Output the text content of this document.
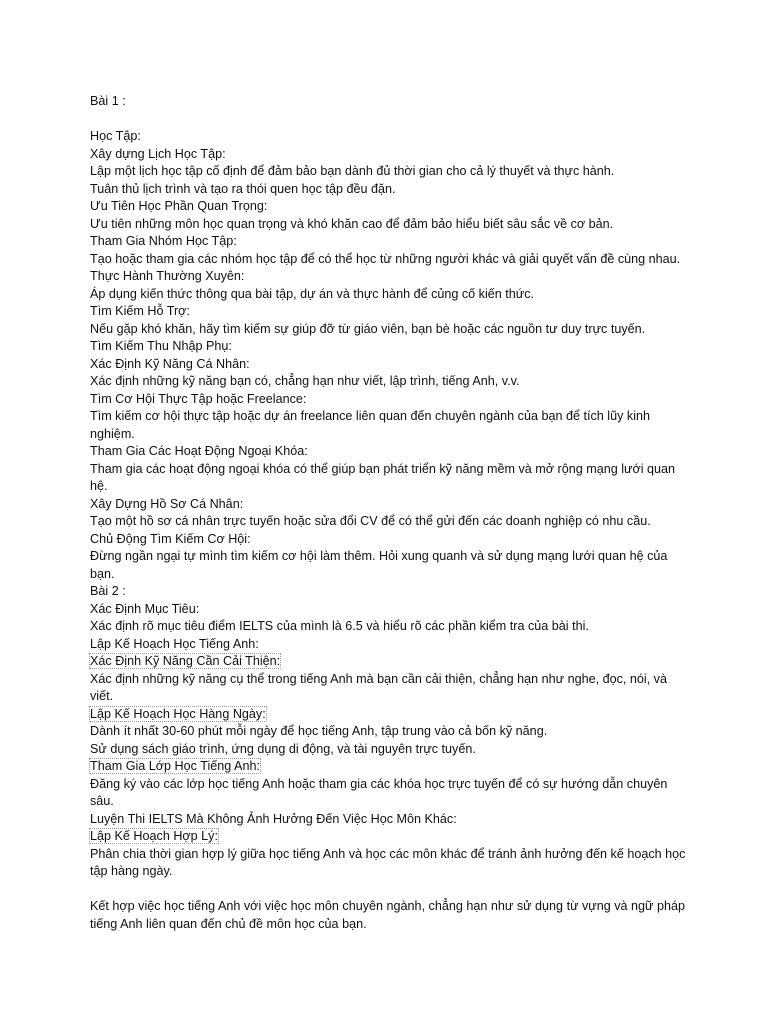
Bài 1 :
Học Tập:
Xây dựng Lịch Học Tập:
Lập một lịch học tập cố định để đảm bảo bạn dành đủ thời gian cho cả lý thuyết và thực hành.
Tuân thủ lịch trình và tạo ra thói quen học tập đều đặn.
Ưu Tiên Học Phần Quan Trọng:
Ưu tiên những môn học quan trọng và khó khăn cao để đảm bảo hiểu biết sâu sắc về cơ bản.
Tham Gia Nhóm Học Tập:
Tạo hoặc tham gia các nhóm học tập để có thể học từ những người khác và giải quyết vấn đề cùng nhau.
Thực Hành Thường Xuyên:
Áp dụng kiến thức thông qua bài tập, dự án và thực hành để củng cố kiến thức.
Tìm Kiếm Hỗ Trợ:
Nếu gặp khó khăn, hãy tìm kiếm sự giúp đỡ từ giáo viên, bạn bè hoặc các nguồn tư duy trực tuyến.
Tìm Kiếm Thu Nhập Phụ:
Xác Định Kỹ Năng Cá Nhân:
Xác định những kỹ năng bạn có, chẳng hạn như viết, lập trình, tiếng Anh, v.v.
Tìm Cơ Hội Thực Tập hoặc Freelance:
Tìm kiếm cơ hội thực tập hoặc dự án freelance liên quan đến chuyên ngành của bạn để tích lũy kinh nghiệm.
Tham Gia Các Hoạt Động Ngoại Khóa:
Tham gia các hoạt động ngoại khóa có thể giúp bạn phát triển kỹ năng mềm và mở rộng mạng lưới quan hệ.
Xây Dựng Hồ Sơ Cá Nhân:
Tạo một hồ sơ cá nhân trực tuyến hoặc sửa đổi CV để có thể gửi đến các doanh nghiệp có nhu cầu.
Chủ Động Tìm Kiếm Cơ Hội:
Đừng ngần ngại tự mình tìm kiếm cơ hội làm thêm. Hỏi xung quanh và sử dụng mạng lưới quan hệ của bạn.
Bài 2 :
Xác Định Mục Tiêu:
Xác định rõ mục tiêu điểm IELTS của mình là 6.5 và hiểu rõ các phần kiểm tra của bài thi.
Lập Kế Hoạch Học Tiếng Anh:
Xác Định Kỹ Năng Cần Cải Thiện:
Xác định những kỹ năng cụ thể trong tiếng Anh mà bạn cần cải thiện, chẳng hạn như nghe, đọc, nói, và viết.
Lập Kế Hoạch Học Hàng Ngày:
Dành ít nhất 30-60 phút mỗi ngày để học tiếng Anh, tập trung vào cả bốn kỹ năng.
Sử dụng sách giáo trình, ứng dụng di động, và tài nguyên trực tuyến.
Tham Gia Lớp Học Tiếng Anh:
Đăng ký vào các lớp học tiếng Anh hoặc tham gia các khóa học trực tuyến để có sự hướng dẫn chuyên sâu.
Luyện Thi IELTS Mà Không Ảnh Hưởng Đến Việc Học Môn Khác:
Lập Kế Hoạch Hợp Lý:
Phân chia thời gian hợp lý giữa học tiếng Anh và học các môn khác để tránh ảnh hưởng đến kế hoạch học tập hàng ngày.
Kết hợp việc học tiếng Anh với việc học môn chuyên ngành, chẳng hạn như sử dụng từ vựng và ngữ pháp tiếng Anh liên quan đến chủ đề môn học của bạn.
